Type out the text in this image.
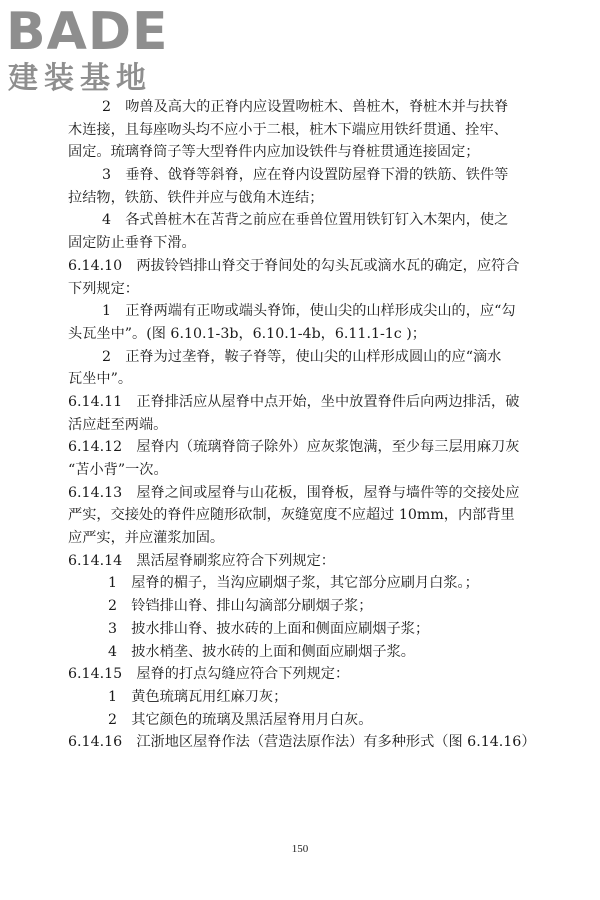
BADE
建装基地
2　吻兽及高大的正脊内应设置吻桩木、兽桩木，脊桩木并与扶脊
木连接，且每座吻头均不应小于二根，桩木下端应用铁纤贯通、拴牢、
固定。琉璃脊筒子等大型脊件内应加设铁件与脊桩贯通连接固定；
3　垂脊、戗脊等斜脊，应在脊内设置防屋脊下滑的铁筋、铁件等
拉结物，铁筋、铁件并应与戗角木连结；
4　各式兽桩木在苫背之前应在垂兽位置用铁钉钉入木架内，使之
固定防止垂脊下滑。
6.14.10　两拔铃铛排山脊交于脊间处的勾头瓦或滴水瓦的确定，应符合
下列规定：
1　正脊两端有正吻或端头脊饰，使山尖的山样形成尖山的，应“勾
头瓦坐中”。(图 6.10.1-3b，6.10.1-4b，6.11.1-1c )；
2　正脊为过垄脊，鞍子脊等，使山尖的山样形成圆山的应“滴水
瓦坐中”。
6.14.11　正脊排活应从屋脊中点开始，坐中放置脊件后向两边排活，破
活应赶至两端。
6.14.12　屋脊内（琉璃脊筒子除外）应灰浆饱满，至少每三层用麻刀灰
“苫小背”一次。
6.14.13　屋脊之间或屋脊与山花板，围脊板，屋脊与墙件等的交接处应
严实，交接处的脊件应随形砍制，灰缝宽度不应超过 10mm，内部背里
应严实，并应灌浆加固。
6.14.14　黑活屋脊刷浆应符合下列规定：
1　屋脊的楣子，当沟应刷烟子浆，其它部分应刷月白浆。；
2　铃铛排山脊、排山勾滴部分刷烟子浆；
3　披水排山脊、披水砖的上面和侧面应刷烟子浆；
4　披水梢垄、披水砖的上面和侧面应刷烟子浆。
6.14.15　屋脊的打点勾缝应符合下列规定：
1　黄色琉璃瓦用红麻刀灰；
2　其它颜色的琉璃及黑活屋脊用月白灰。
6.14.16　江浙地区屋脊作法（营造法原作法）有多种形式（图 6.14.16）
150
